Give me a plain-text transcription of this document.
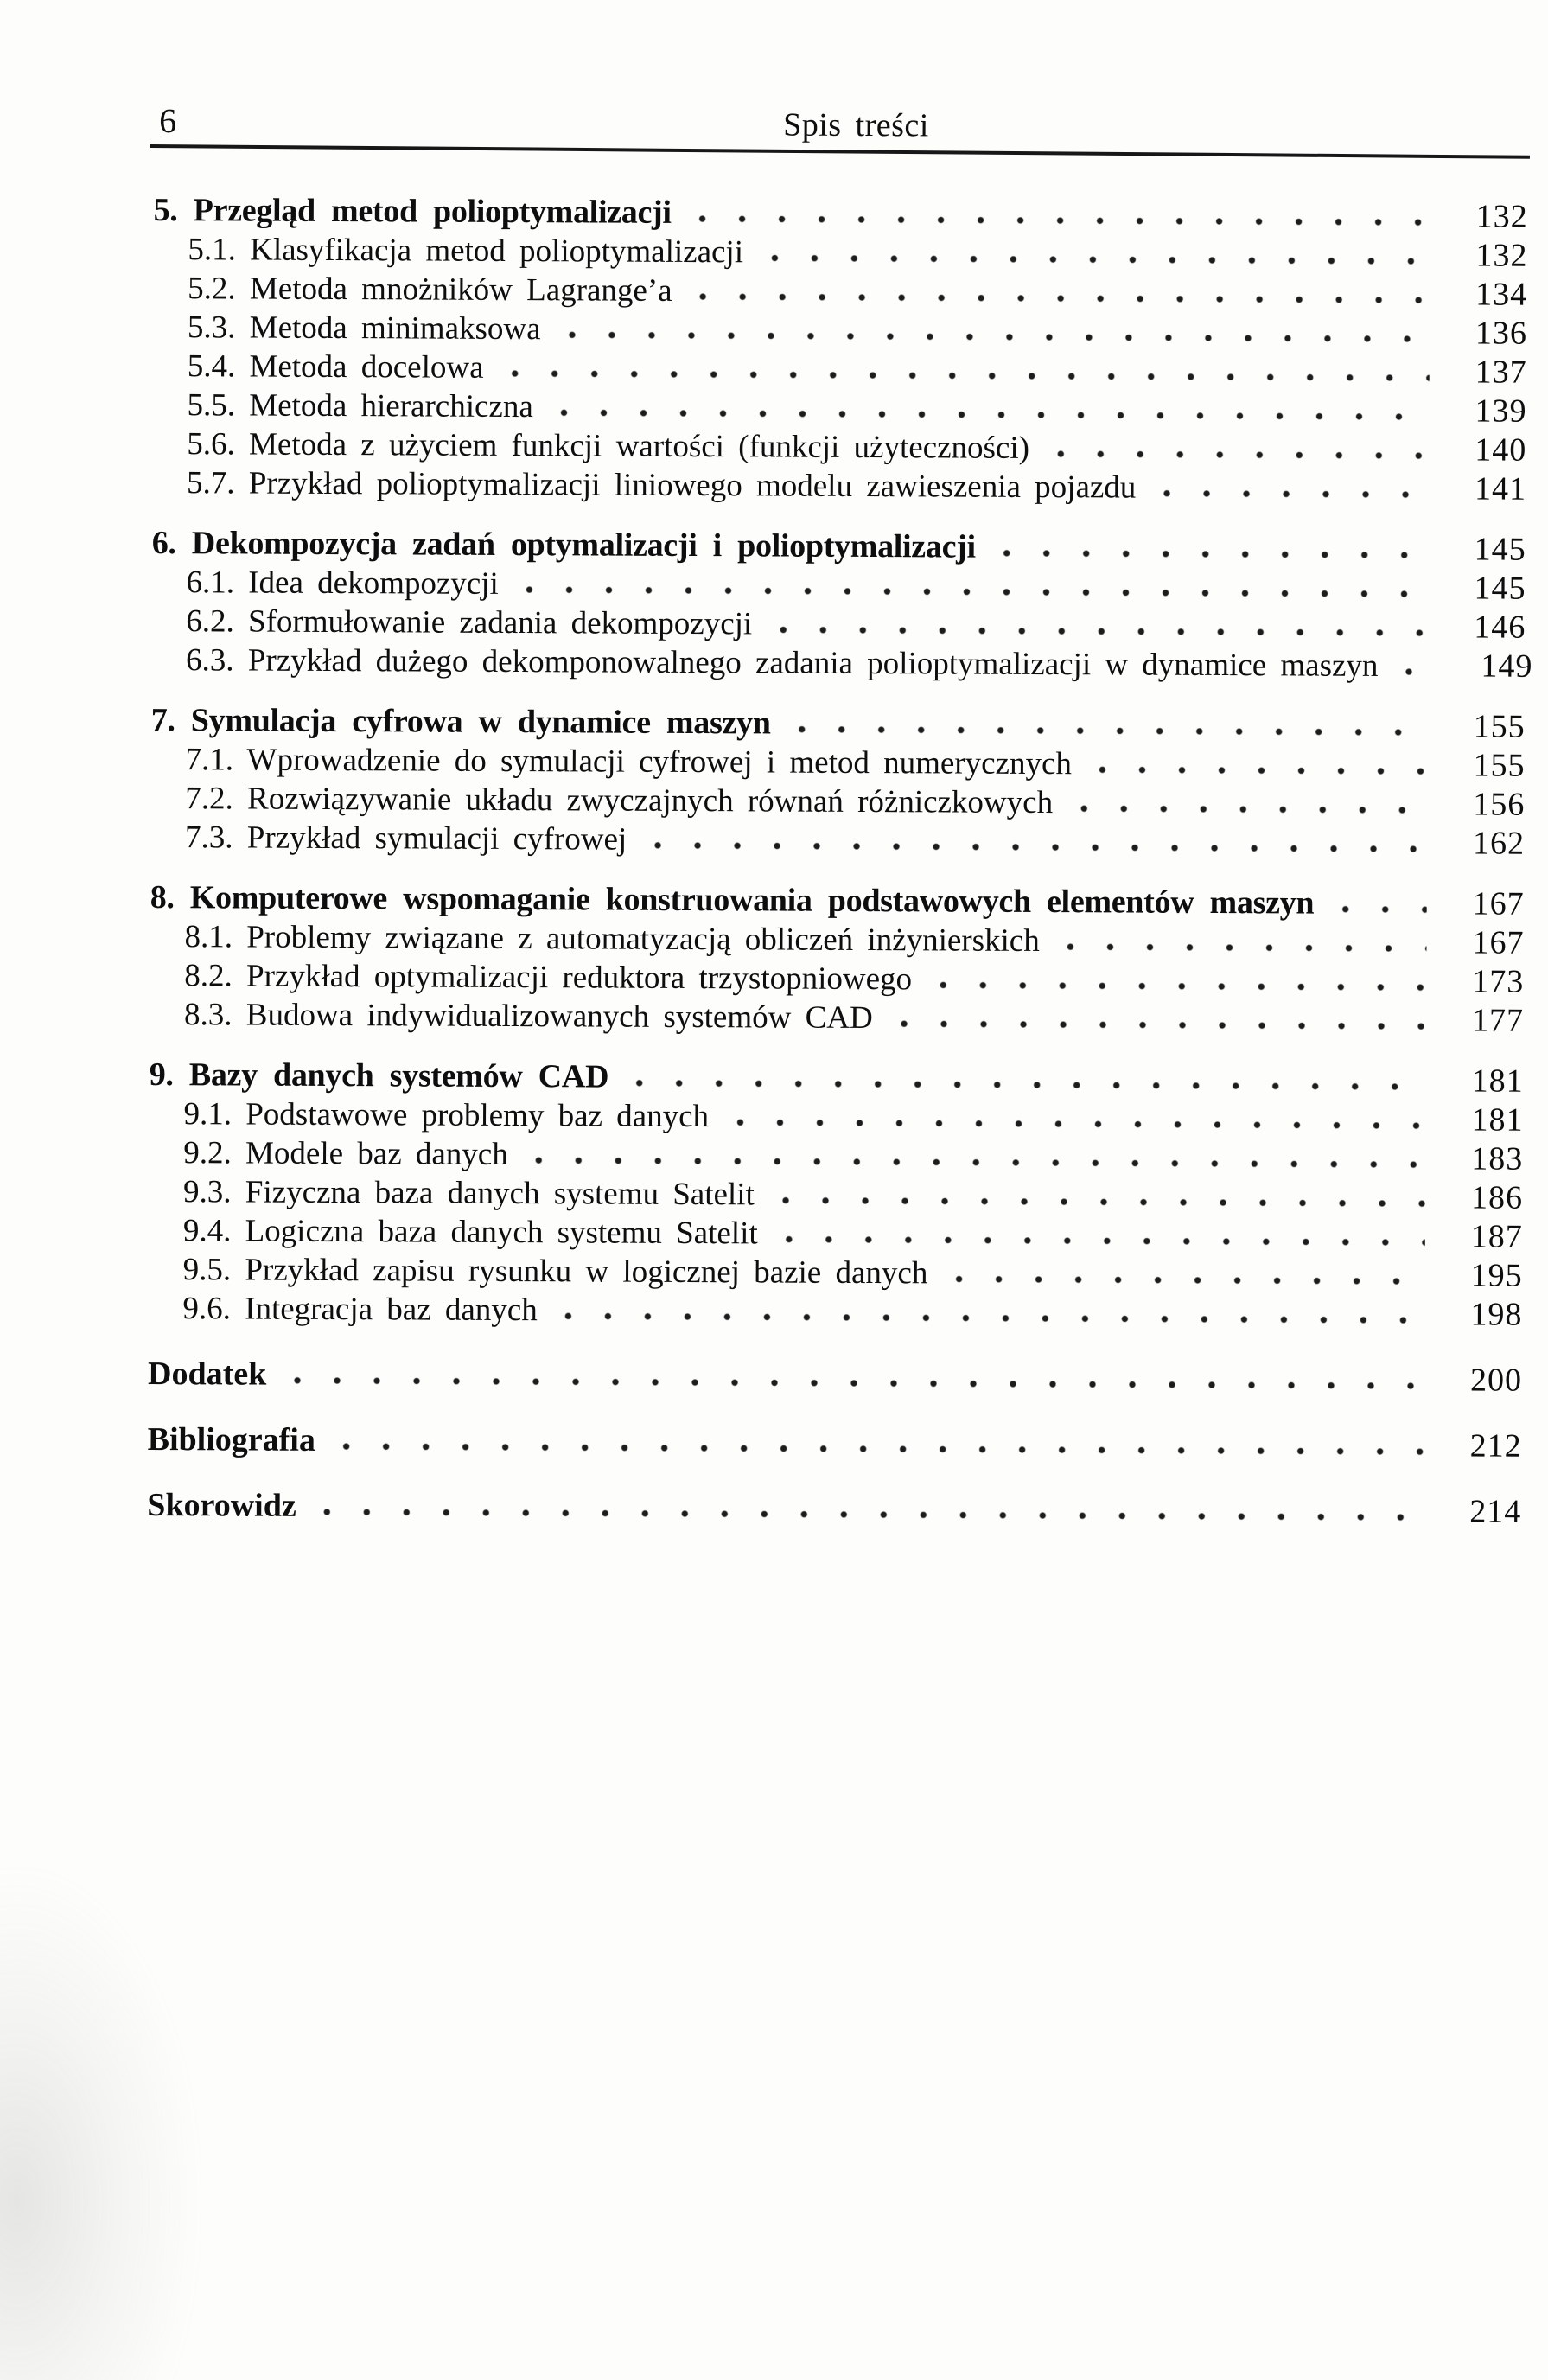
6	Spis treści
5. Przegląd metod polioptymalizacji	132
5.1. Klasyfikacja metod polioptymalizacji	132
5.2. Metoda mnożników Lagrange’a	134
5.3. Metoda minimaksowa	136
5.4. Metoda docelowa	137
5.5. Metoda hierarchiczna	139
5.6. Metoda z użyciem funkcji wartości (funkcji użyteczności)	140
5.7. Przykład polioptymalizacji liniowego modelu zawieszenia pojazdu	141
6. Dekompozycja zadań optymalizacji i polioptymalizacji	145
6.1. Idea dekompozycji	145
6.2. Sformułowanie zadania dekompozycji	146
6.3. Przykład dużego dekomponowalnego zadania polioptymalizacji w dynamice maszyn	149
7. Symulacja cyfrowa w dynamice maszyn	155
7.1. Wprowadzenie do symulacji cyfrowej i metod numerycznych	155
7.2. Rozwiązywanie układu zwyczajnych równań różniczkowych	156
7.3. Przykład symulacji cyfrowej	162
8. Komputerowe wspomaganie konstruowania podstawowych elementów maszyn	167
8.1. Problemy związane z automatyzacją obliczeń inżynierskich	167
8.2. Przykład optymalizacji reduktora trzystopniowego	173
8.3. Budowa indywidualizowanych systemów CAD	177
9. Bazy danych systemów CAD	181
9.1. Podstawowe problemy baz danych	181
9.2. Modele baz danych	183
9.3. Fizyczna baza danych systemu Satelit	186
9.4. Logiczna baza danych systemu Satelit	187
9.5. Przykład zapisu rysunku w logicznej bazie danych	195
9.6. Integracja baz danych	198
Dodatek	200
Bibliografia	212
Skorowidz	214
